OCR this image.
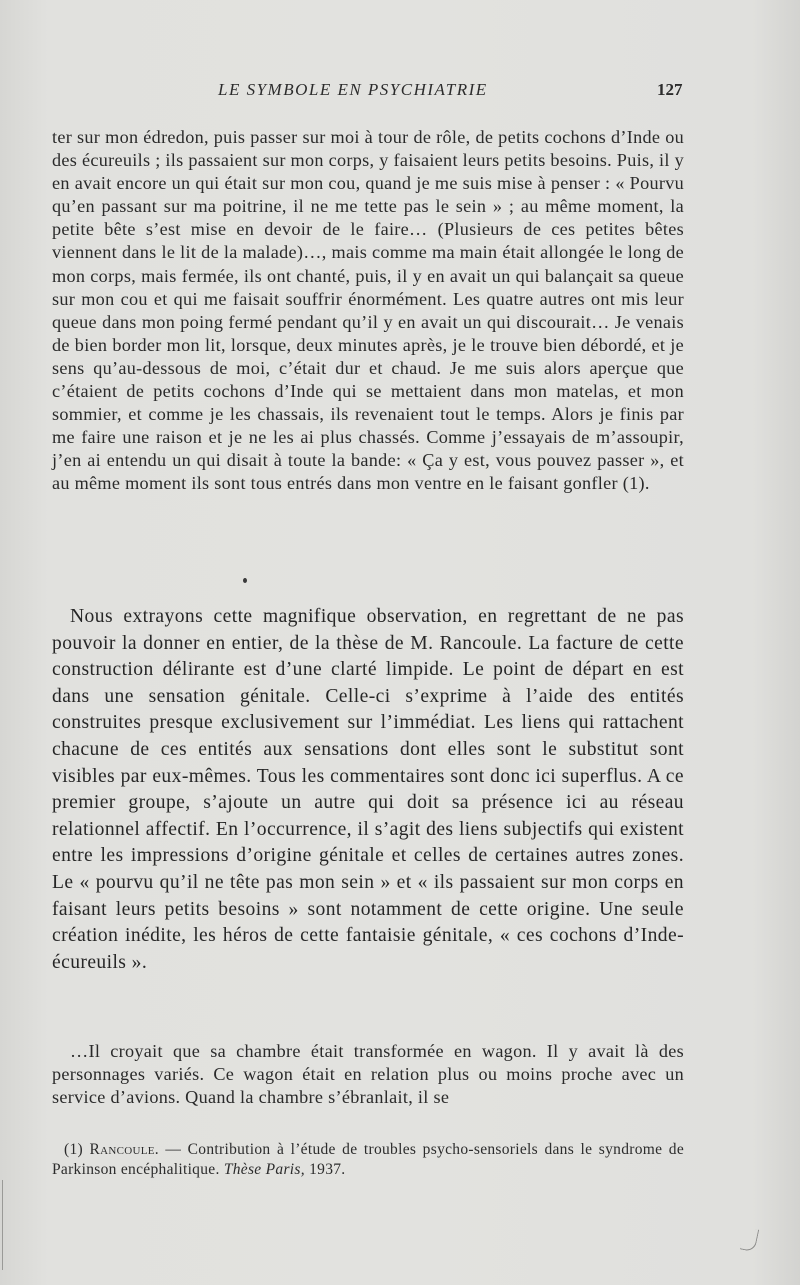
LE SYMBOLE EN PSYCHIATRIE	127

ter sur mon édredon, puis passer sur moi à tour de rôle, de petits cochons d’Inde ou des écureuils ; ils passaient sur mon corps, y faisaient leurs petits besoins. Puis, il y en avait encore un qui était sur mon cou, quand je me suis mise à penser : « Pourvu qu’en passant sur ma poitrine, il ne me tette pas le sein » ; au même moment, la petite bête s’est mise en devoir de le faire… (Plusieurs de ces petites bêtes viennent dans le lit de la malade)…, mais comme ma main était allongée le long de mon corps, mais fermée, ils ont chanté, puis, il y en avait un qui balançait sa queue sur mon cou et qui me faisait souffrir énormément. Les quatre autres ont mis leur queue dans mon poing fermé pendant qu’il y en avait un qui discourait… Je venais de bien border mon lit, lorsque, deux minutes après, je le trouve bien débordé, et je sens qu’au-dessous de moi, c’était dur et chaud. Je me suis alors aperçue que c’étaient de petits cochons d’Inde qui se mettaient dans mon matelas, et mon sommier, et comme je les chassais, ils revenaient tout le temps. Alors je finis par me faire une raison et je ne les ai plus chassés. Comme j’essayais de m’assoupir, j’en ai entendu un qui disait à toute la bande: « Ça y est, vous pouvez passer », et au même moment ils sont tous entrés dans mon ventre en le faisant gonfler (1).

Nous extrayons cette magnifique observation, en regrettant de ne pas pouvoir la donner en entier, de la thèse de M. Rancoule. La facture de cette construction délirante est d’une clarté limpide. Le point de départ en est dans une sensation génitale. Celle-ci s’exprime à l’aide des entités construites presque exclusivement sur l’immédiat. Les liens qui rattachent chacune de ces entités aux sensations dont elles sont le substitut sont visibles par eux-mêmes. Tous les commentaires sont donc ici superflus. A ce premier groupe, s’ajoute un autre qui doit sa présence ici au réseau relationnel affectif. En l’occurrence, il s’agit des liens subjectifs qui existent entre les impressions d’origine génitale et celles de certaines autres zones. Le « pourvu qu’il ne tête pas mon sein » et « ils passaient sur mon corps en faisant leurs petits besoins » sont notamment de cette origine. Une seule création inédite, les héros de cette fantaisie génitale, « ces cochons d’Inde-écureuils ».

…Il croyait que sa chambre était transformée en wagon. Il y avait là des personnages variés. Ce wagon était en relation plus ou moins proche avec un service d’avions. Quand la chambre s’ébranlait, il se

(1) Rancoule. — Contribution à l’étude de troubles psycho-sensoriels dans le syndrome de Parkinson encéphalitique. Thèse Paris, 1937.
